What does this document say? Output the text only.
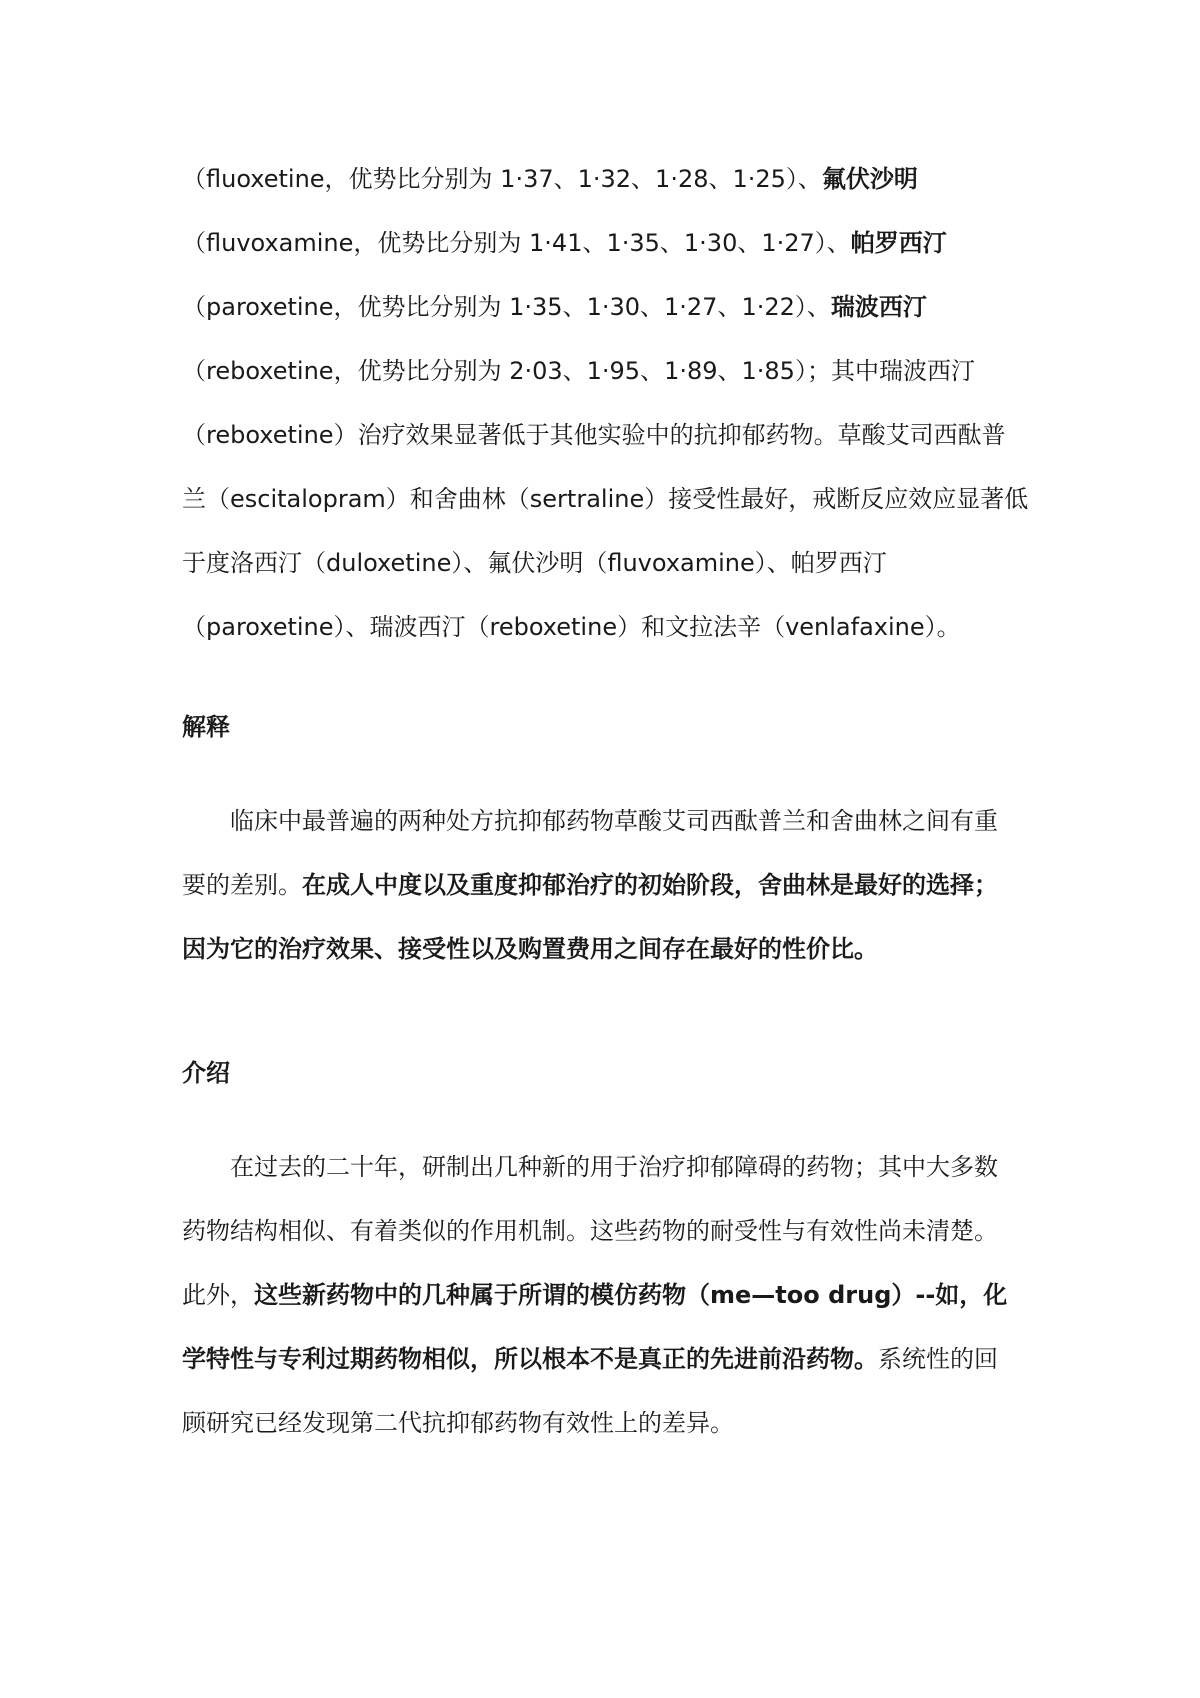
（fluoxetine，优势比分别为 1·37、1·32、1·28、1·25）、氟伏沙明
（fluvoxamine，优势比分别为 1·41、1·35、1·30、1·27）、帕罗西汀
（paroxetine，优势比分别为 1·35、1·30、1·27、1·22）、瑞波西汀
（reboxetine，优势比分别为 2·03、1·95、1·89、1·85）；其中瑞波西汀
（reboxetine）治疗效果显著低于其他实验中的抗抑郁药物。草酸艾司西酞普
兰（escitalopram）和舍曲林（sertraline）接受性最好，戒断反应效应显著低
于度洛西汀（duloxetine）、氟伏沙明（fluvoxamine）、帕罗西汀
（paroxetine）、瑞波西汀（reboxetine）和文拉法辛（venlafaxine）。
解释
临床中最普遍的两种处方抗抑郁药物草酸艾司西酞普兰和舍曲林之间有重
要的差别。在成人中度以及重度抑郁治疗的初始阶段，舍曲林是最好的选择；
因为它的治疗效果、接受性以及购置费用之间存在最好的性价比。
介绍
在过去的二十年，研制出几种新的用于治疗抑郁障碍的药物；其中大多数
药物结构相似、有着类似的作用机制。这些药物的耐受性与有效性尚未清楚。
此外，这些新药物中的几种属于所谓的模仿药物（me—too drug）--如，化
学特性与专利过期药物相似，所以根本不是真正的先进前沿药物。系统性的回
顾研究已经发现第二代抗抑郁药物有效性上的差异。
